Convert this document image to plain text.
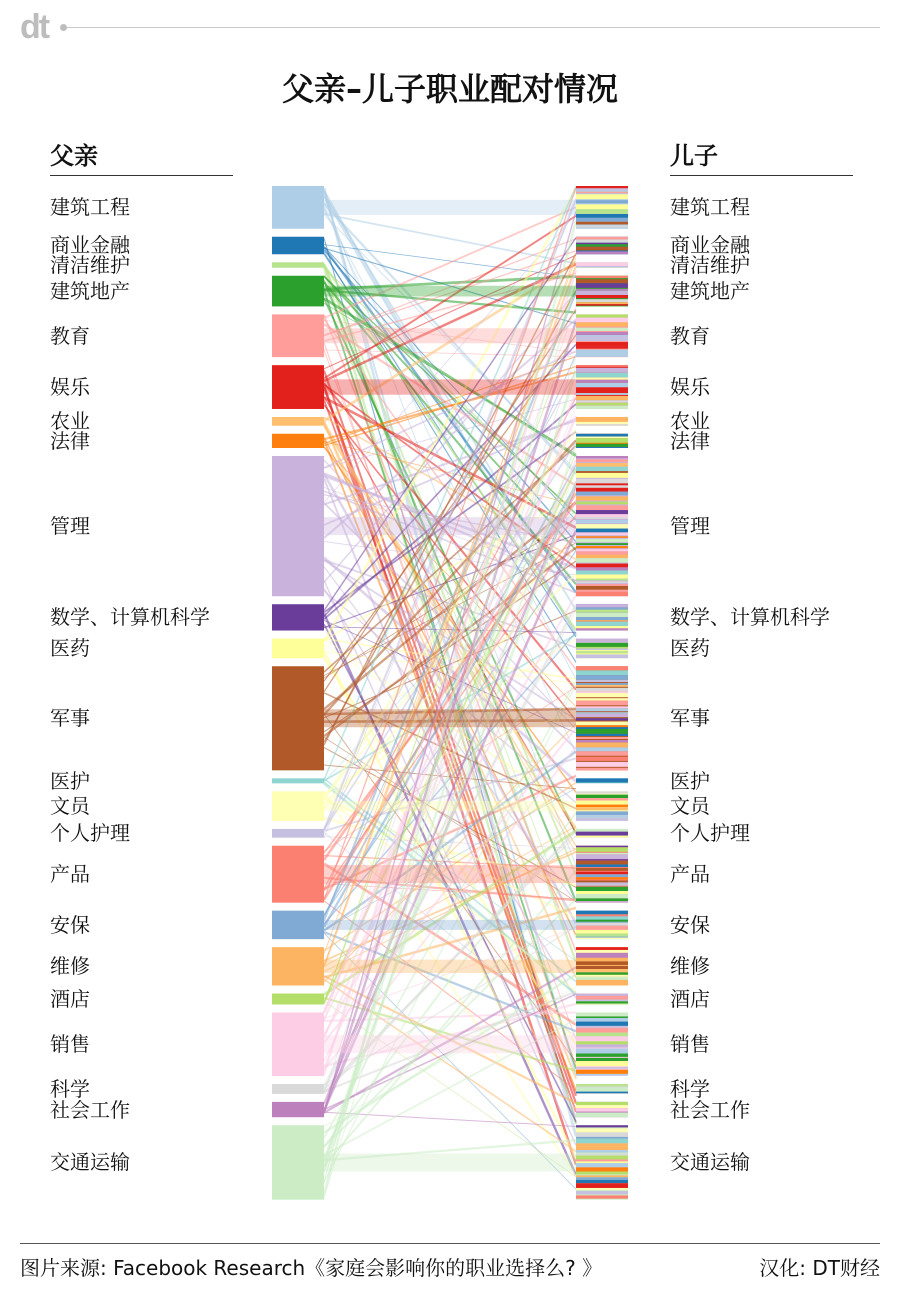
dt
父亲–儿子职业配对情况
父亲	儿子
建筑工程	建筑工程
商业金融	商业金融
清洁维护	清洁维护
建筑地产	建筑地产
教育	教育
娱乐	娱乐
农业	农业
法律	法律
管理	管理
数学、计算机科学	数学、计算机科学
医药	医药
军事	军事
医护	医护
文员	文员
个人护理	个人护理
产品	产品
安保	安保
维修	维修
酒店	酒店
销售	销售
科学	科学
社会工作	社会工作
交通运输	交通运输
图片来源: Facebook Research《家庭会影响你的职业选择么? 》	汉化: DT财经
